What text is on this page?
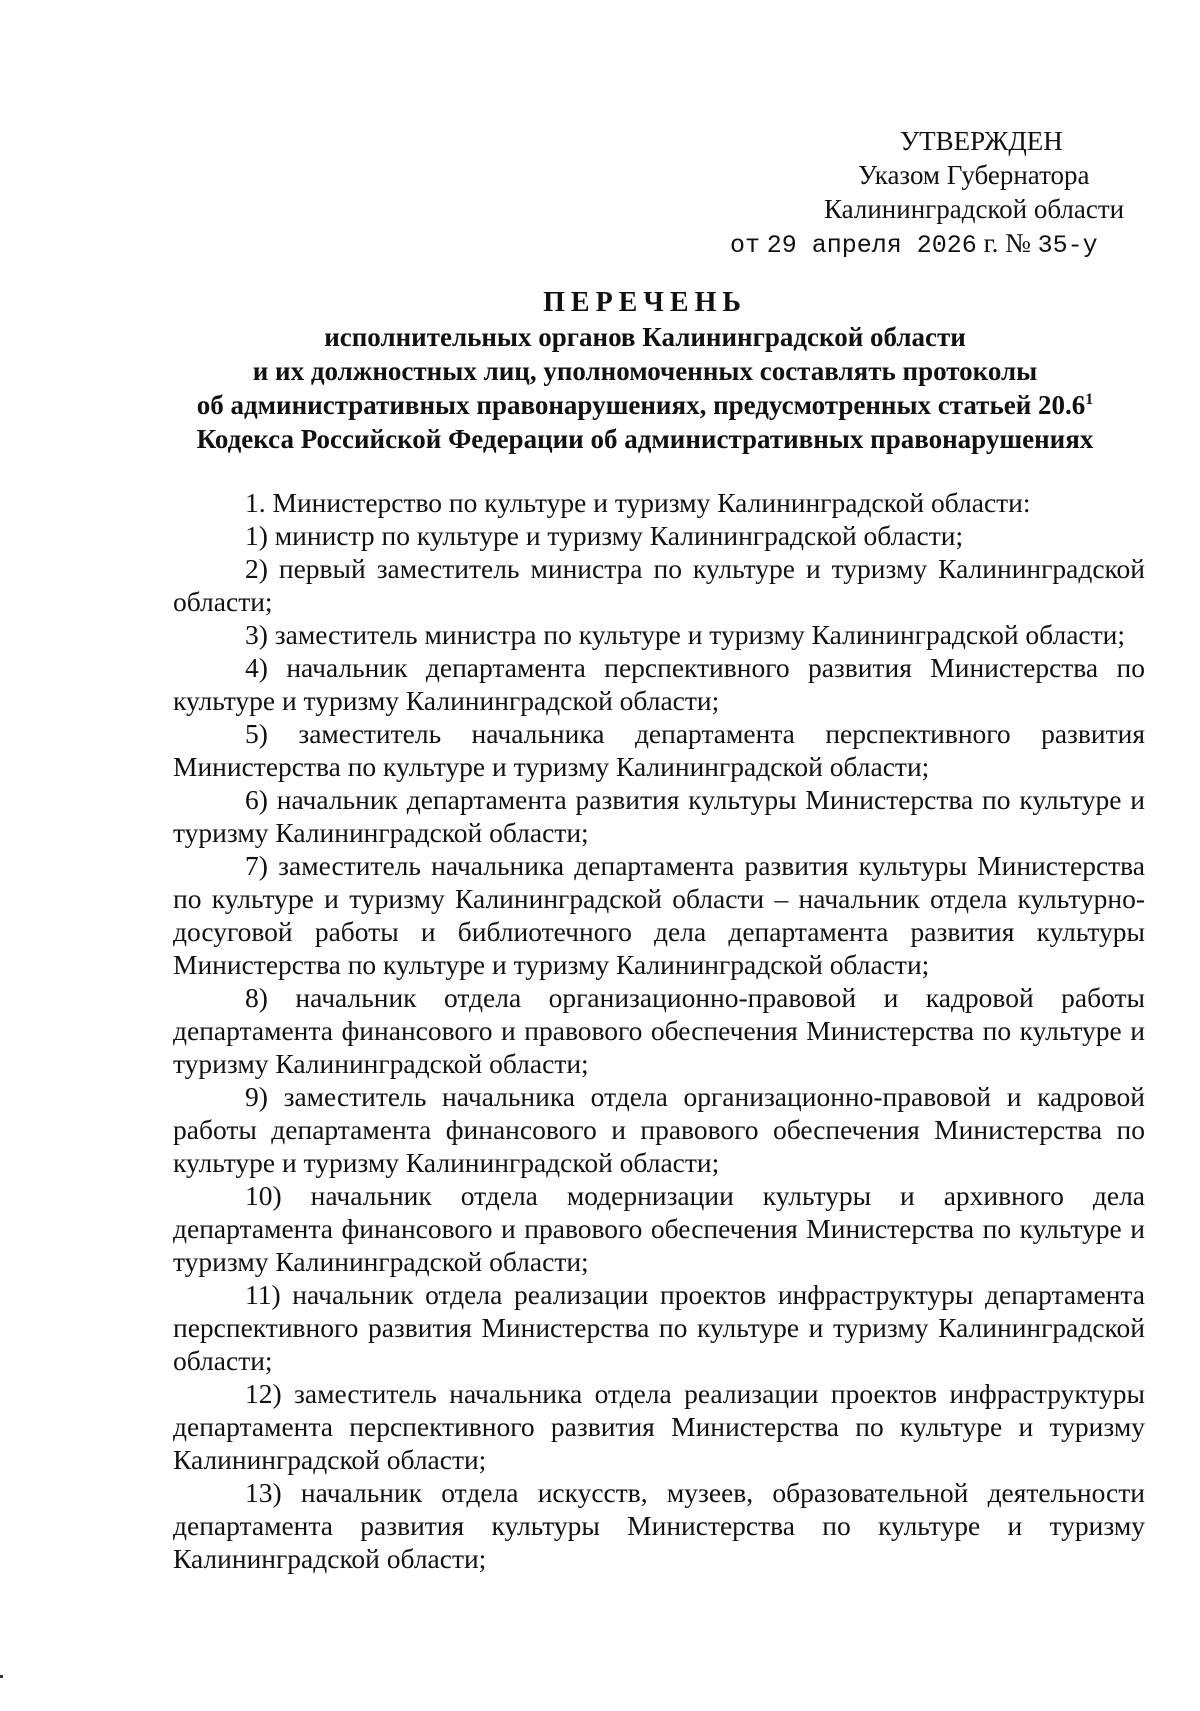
УТВЕРЖДЕН
Указом Губернатора
Калининградской области
от 29 апреля 2026 г. № 35-у
ПЕРЕЧЕНЬ
исполнительных органов Калининградской области
и их должностных лиц, уполномоченных составлять протоколы
об административных правонарушениях, предусмотренных статьей 20.6$^1$
Кодекса Российской Федерации об административных правонарушениях

1. Министерство по культуре и туризму Калининградской области:

1) министр по культуре и туризму Калининградской области;

2) первый заместитель министра по культуре и туризму Калининградской области;

3) заместитель министра по культуре и туризму Калининградской области;

4) начальник департамента перспективного развития Министерства по культуре и туризму Калининградской области;

5) заместитель начальника департамента перспективного развития Министерства по культуре и туризму Калининградской области;

6) начальник департамента развития культуры Министерства по культуре и туризму Калининградской области;

7) заместитель начальника департамента развития культуры Министерства по культуре и туризму Калининградской области – начальник отдела культурно-досуговой работы и библиотечного дела департамента развития культуры Министерства по культуре и туризму Калининградской области;

8) начальник отдела организационно-правовой и кадровой работы департамента финансового и правового обеспечения Министерства по культуре и туризму Калининградской области;

9) заместитель начальника отдела организационно-правовой и кадровой работы департамента финансового и правового обеспечения Министерства по культуре и туризму Калининградской области;

10) начальник отдела модернизации культуры и архивного дела департамента финансового и правового обеспечения Министерства по культуре и туризму Калининградской области;

11) начальник отдела реализации проектов инфраструктуры департамента перспективного развития Министерства по культуре и туризму Калининградской области;

12) заместитель начальника отдела реализации проектов инфраструктуры департамента перспективного развития Министерства по культуре и туризму Калининградской области;

13) начальник отдела искусств, музеев, образовательной деятельности департамента развития культуры Министерства по культуре и туризму Калининградской области;
